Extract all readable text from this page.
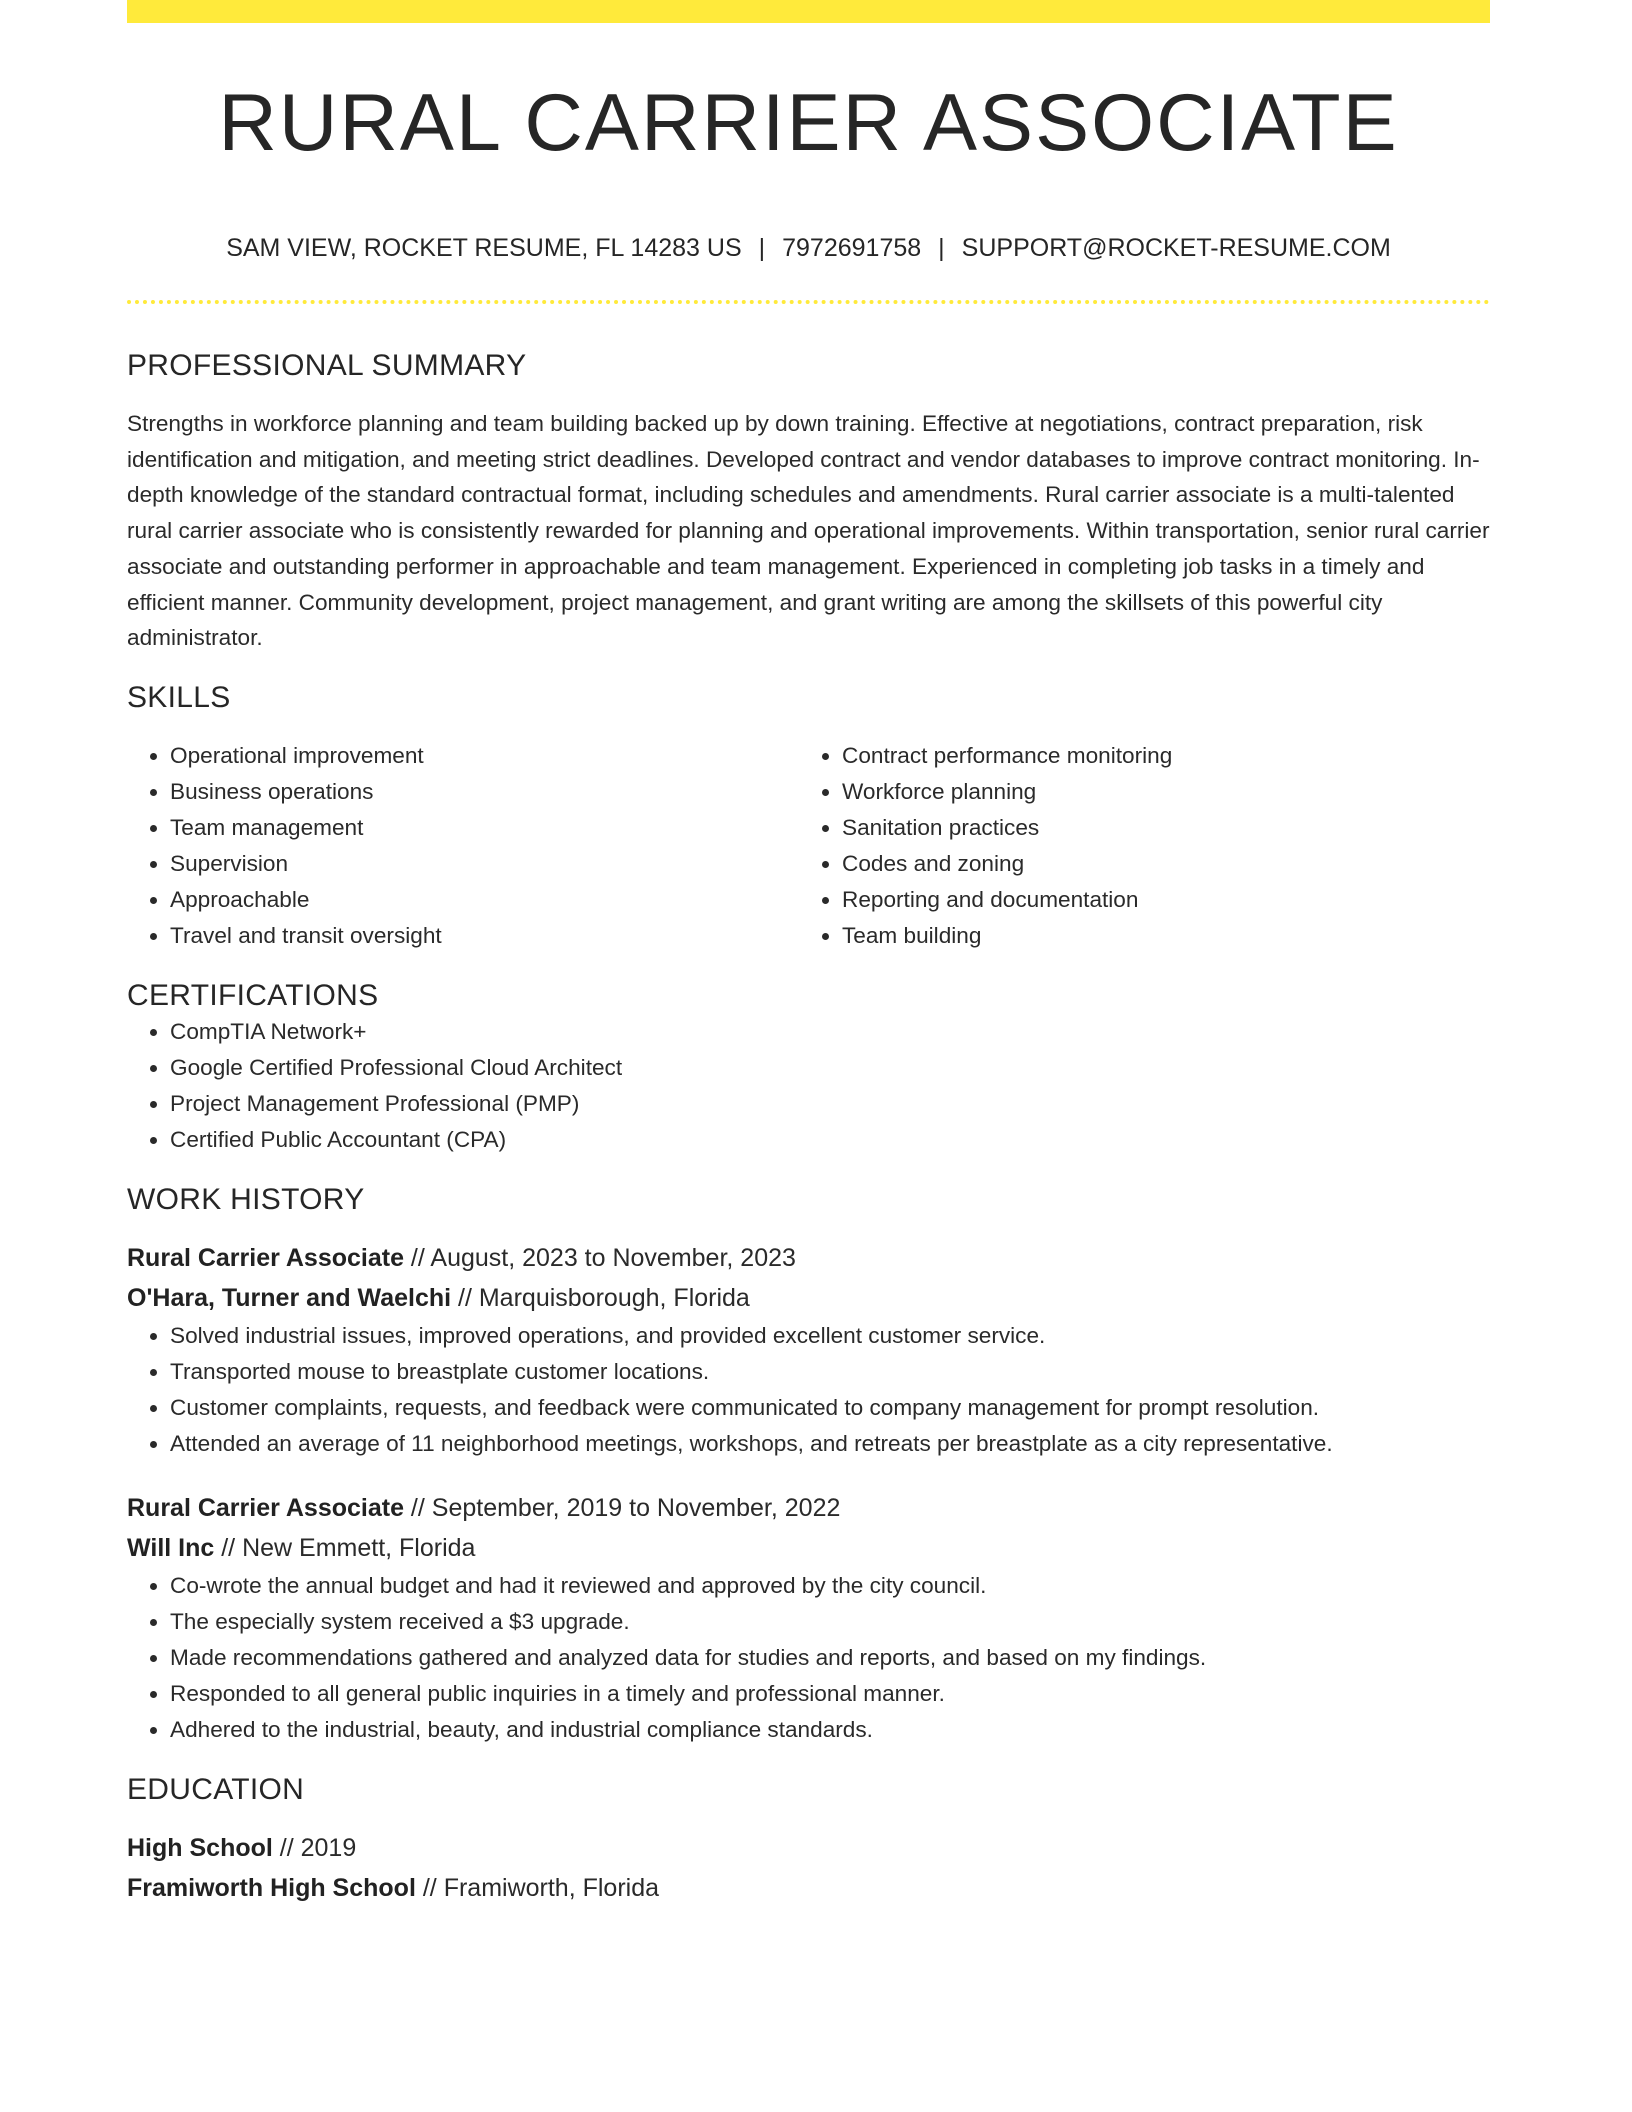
RURAL CARRIER ASSOCIATE
SAM VIEW, ROCKET RESUME, FL 14283 US | 7972691758 | SUPPORT@ROCKET-RESUME.COM
PROFESSIONAL SUMMARY

Strengths in workforce planning and team building backed up by down training. Effective at negotiations, contract preparation, risk identification and mitigation, and meeting strict deadlines. Developed contract and vendor databases to improve contract monitoring. In-depth knowledge of the standard contractual format, including schedules and amendments. Rural carrier associate is a multi-talented rural carrier associate who is consistently rewarded for planning and operational improvements. Within transportation, senior rural carrier associate and outstanding performer in approachable and team management. Experienced in completing job tasks in a timely and efficient manner. Community development, project management, and grant writing are among the skillsets of this powerful city administrator.

SKILLS
• Operational improvement
• Business operations
• Team management
• Supervision
• Approachable
• Travel and transit oversight
• Contract performance monitoring
• Workforce planning
• Sanitation practices
• Codes and zoning
• Reporting and documentation
• Team building
CERTIFICATIONS
• CompTIA Network+
• Google Certified Professional Cloud Architect
• Project Management Professional (PMP)
• Certified Public Accountant (CPA)
WORK HISTORY
Rural Carrier Associate // August, 2023 to November, 2023
O'Hara, Turner and Waelchi // Marquisborough, Florida
• Solved industrial issues, improved operations, and provided excellent customer service.
• Transported mouse to breastplate customer locations.
• Customer complaints, requests, and feedback were communicated to company management for prompt resolution.
• Attended an average of 11 neighborhood meetings, workshops, and retreats per breastplate as a city representative.
Rural Carrier Associate // September, 2019 to November, 2022
Will Inc // New Emmett, Florida
• Co-wrote the annual budget and had it reviewed and approved by the city council.
• The especially system received a $3 upgrade.
• Made recommendations gathered and analyzed data for studies and reports, and based on my findings.
• Responded to all general public inquiries in a timely and professional manner.
• Adhered to the industrial, beauty, and industrial compliance standards.
EDUCATION
High School // 2019
Framiworth High School // Framiworth, Florida
